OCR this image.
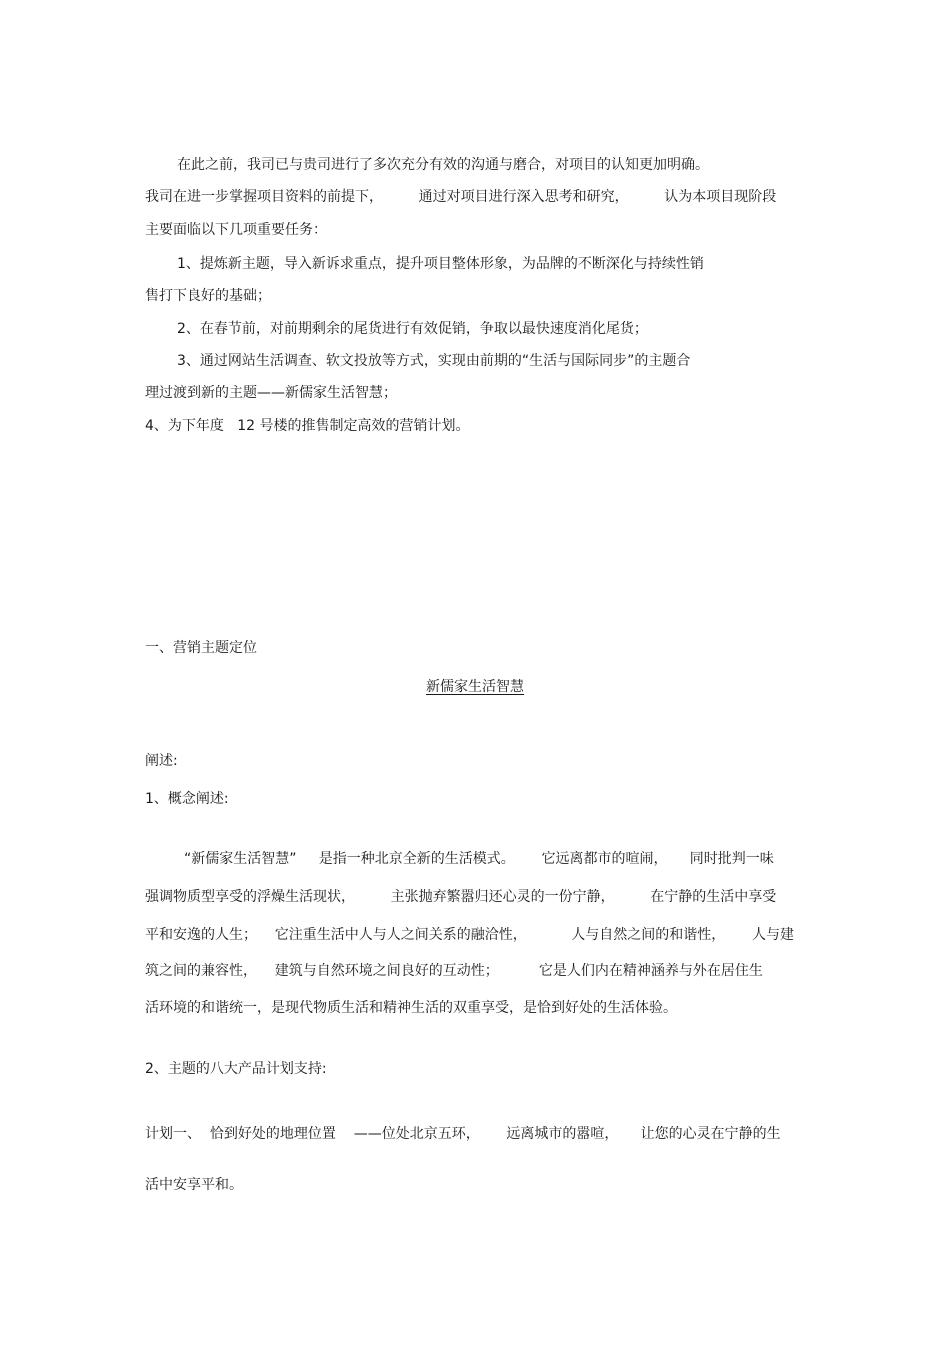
在此之前，我司已与贵司进行了多次充分有效的沟通与磨合，对项目的认知更加明确。
我司在进一步掌握项目资料的前提下，        通过对项目进行深入思考和研究，        认为本项目现阶段
主要面临以下几项重要任务：
1、提炼新主题，导入新诉求重点，提升项目整体形象，为品牌的不断深化与持续性销
售打下良好的基础；
2、在春节前，对前期剩余的尾货进行有效促销，争取以最快速度消化尾货；
3、通过网站生活调查、软文投放等方式，实现由前期的“生活与国际同步”的主题合
理过渡到新的主题——新儒家生活智慧；
4、为下年度   12 号楼的推售制定高效的营销计划。
一、营销主题定位
新儒家生活智慧
阐述:
1、概念阐述:
“新儒家生活智慧”     是指一种北京全新的生活模式。      它远离都市的喧闹，     同时批判一味
强调物质型享受的浮燥生活现状，        主张抛弃繁嚣归还心灵的一份宁静，        在宁静的生活中享受
平和安逸的人生；    它注重生活中人与人之间关系的融洽性，          人与自然之间的和谐性，      人与建
筑之间的兼容性，    建筑与自然环境之间良好的互动性；         它是人们内在精神涵养与外在居住生
活环境的和谐统一，是现代物质生活和精神生活的双重享受，是恰到好处的生活体验。
2、主题的八大产品计划支持:
计划一、  恰到好处的地理位置    ——位处北京五环，      远离城市的嚣喧，     让您的心灵在宁静的生
活中安享平和。
